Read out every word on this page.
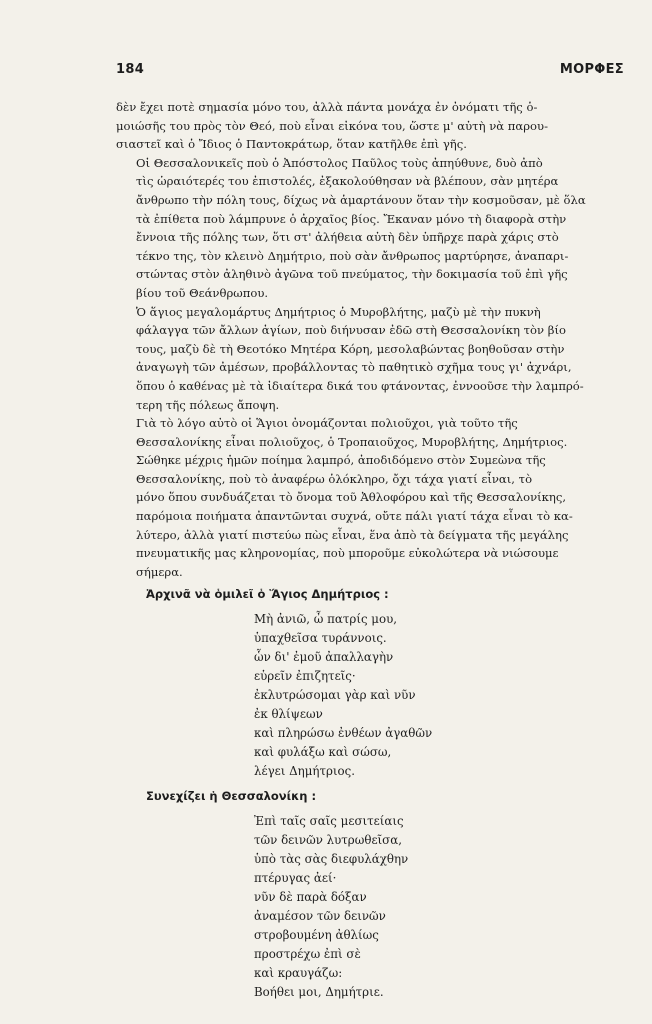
184	ΜΟΡΦΕΣ
δὲν ἔχει ποτὲ σημασία μόνο του, ἀλλὰ πάντα μονάχα ἐν ὀνόματι τῆς ὁ-
μοιώσῆς του πρὸς τὸν Θεό, ποὺ εἶναι εἰκόνα του, ὥστε μ' αὐτὴ νὰ παρου-
σιαστεῖ καὶ ὁ Ἴδιος ὁ Παντοκράτωρ, ὅταν κατῆλθε ἐπὶ γῆς.
Οἱ Θεσσαλονικεῖς ποὺ ὁ Ἀπόστολος Παῦλος τοὺς ἀπηύθυνε, δυὸ ἀπὸ
τὶς ὡραιότερές του ἐπιστολές, ἐξακολούθησαν νὰ βλέπουν, σὰν μητέρα
ἄνθρωπο τὴν πόλη τους, δίχως νὰ ἁμαρτάνουν ὅταν τὴν κοσμοῦσαν, μὲ ὅλα
τὰ ἐπίθετα ποὺ λάμπρυνε ὁ ἀρχαῖος βίος. Ἔκαναν μόνο τὴ διαφορὰ στὴν
ἔννοια τῆς πόλης των, ὅτι στ' ἀλήθεια αὐτὴ δὲν ὑπῆρχε παρὰ χάρις στὸ
τέκνο της, τὸν κλεινὸ Δημήτριο, ποὺ σὰν ἄνθρωπος μαρτύρησε, ἀναπαρι-
στώντας στὸν ἀληθινὸ ἀγῶνα τοῦ πνεύματος, τὴν δοκιμασία τοῦ ἐπὶ γῆς
βίου τοῦ Θεάνθρωπου.
Ὁ ἅγιος μεγαλομάρτυς Δημήτριος ὁ Μυροβλήτης, μαζὺ μὲ τὴν πυκνὴ
φάλαγγα τῶν ἄλλων ἁγίων, ποὺ διήνυσαν ἐδῶ στὴ Θεσσαλονίκη τὸν βίο
τους, μαζὺ δὲ τὴ Θεοτόκο Μητέρα Κόρη, μεσολαβώντας βοηθοῦσαν στὴν
ἀναγωγὴ τῶν ἀμέσων, προβάλλοντας τὸ παθητικὸ σχῆμα τους γι' ἀχνάρι,
ὅπου ὁ καθένας μὲ τὰ ἰδιαίτερα δικά του φτάνοντας, ἐννοοῦσε τὴν λαμπρό-
τερη τῆς πόλεως ἄποψη.
Γιὰ τὸ λόγο αὐτὸ οἱ Ἅγιοι ὀνομάζονται πολιοῦχοι, γιὰ τοῦτο τῆς
Θεσσαλονίκης εἶναι πολιοῦχος, ὁ Τροπαιοῦχος, Μυροβλήτης, Δημήτριος.
Σώθηκε μέχρις ἡμῶν ποίημα λαμπρό, ἀποδιδόμενο στὸν Συμεὼνα τῆς
Θεσσαλονίκης, ποὺ τὸ ἀναφέρω ὁλόκληρο, ὄχι τάχα γιατί εἶναι, τὸ
μόνο ὅπου συνδυάζεται τὸ ὄνομα τοῦ Ἀθλοφόρου καὶ τῆς Θεσσαλονίκης,
παρόμοια ποιήματα ἀπαντῶνται συχνά, οὔτε πάλι γιατί τάχα εἶναι τὸ κα-
λύτερο, ἀλλὰ γιατί πιστεύω πὼς εἶναι, ἕνα ἀπὸ τὰ δείγματα τῆς μεγάλης
πνευματικῆς μας κληρονομίας, ποὺ μποροῦμε εὐκολώτερα νὰ νιώσουμε
σήμερα.
Ἀρχινᾶ νὰ ὁμιλεῖ ὁ Ἅγιος Δημήτριος :
Μὴ ἀνιῶ, ὦ πατρίς μου,
ὑπαχθεῖσα τυράννοις.
ὧν δι' ἐμοῦ ἀπαλλαγὴν
εὑρεῖν ἐπιζητεῖς·
ἐκλυτρώσομαι γὰρ καὶ νῦν
ἐκ θλίψεων
καὶ πληρώσω ἐνθέων ἀγαθῶν
καὶ φυλάξω καὶ σώσω,
λέγει Δημήτριος.
Συνεχίζει ἡ Θεσσαλονίκη :
Ἐπὶ ταῖς σαῖς μεσιτείαις
τῶν δεινῶν λυτρωθεῖσα,
ὑπὸ τὰς σὰς διεφυλάχθην
πτέρυγας ἀεί·
νῦν δὲ παρὰ δόξαν
ἀναμέσον τῶν δεινῶν
στροβουμένη ἀθλίως
προστρέχω ἐπὶ σὲ
καὶ κραυγάζω:
Βοήθει μοι, Δημήτριε.
